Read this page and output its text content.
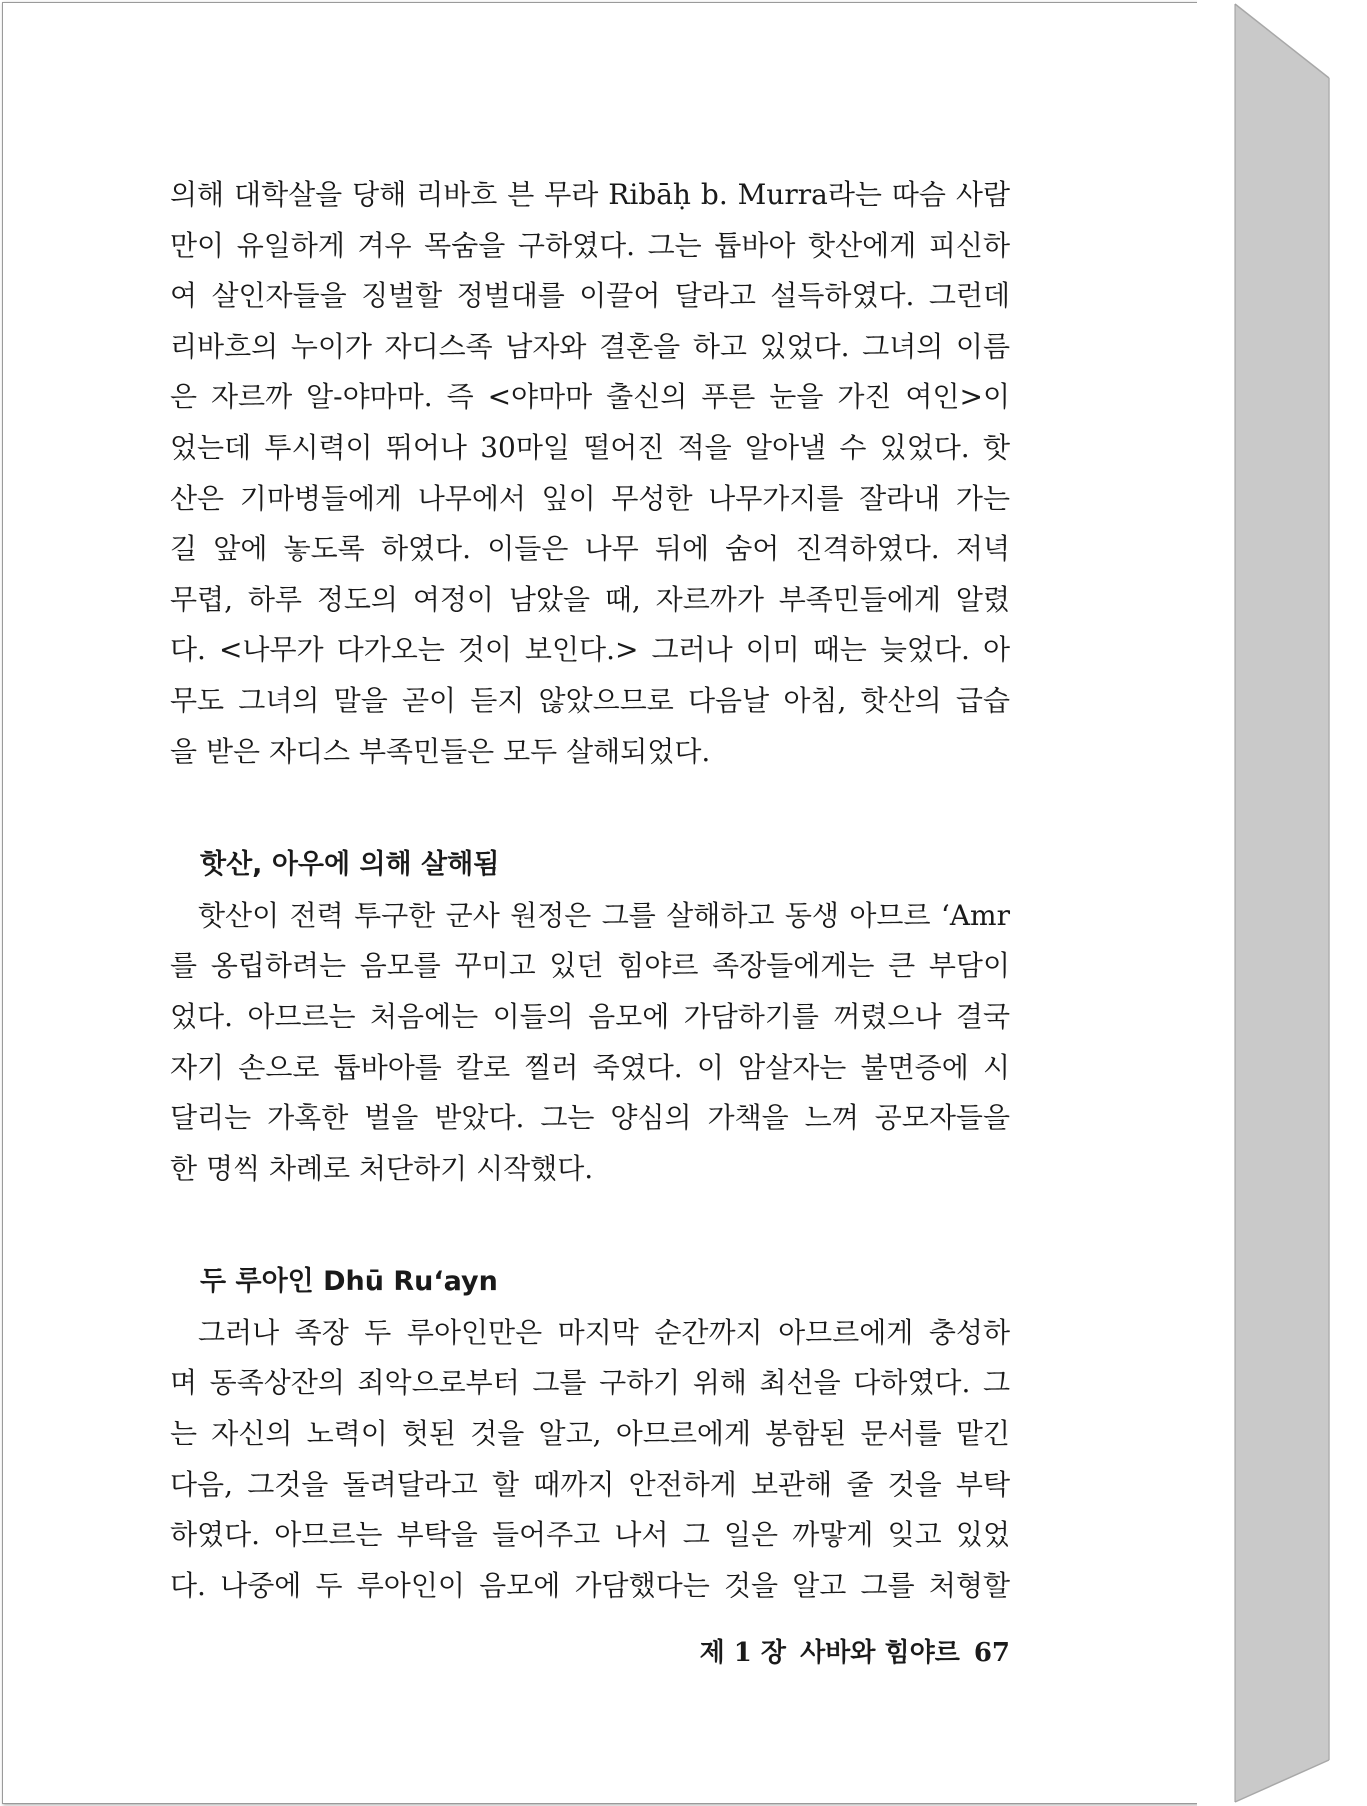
의해 대학살을 당해 리바흐 븐 무라 Ribāḥ b. Murra라는 따슴 사람
만이 유일하게 겨우 목숨을 구하였다. 그는 튭바아 핫산에게 피신하
여 살인자들을 징벌할 정벌대를 이끌어 달라고 설득하였다. 그런데
리바흐의 누이가 자디스족 남자와 결혼을 하고 있었다. 그녀의 이름
은 자르까 알-야마마. 즉 <야마마 출신의 푸른 눈을 가진 여인>이
었는데 투시력이 뛰어나 30마일 떨어진 적을 알아낼 수 있었다. 핫
산은 기마병들에게 나무에서 잎이 무성한 나무가지를 잘라내 가는
길 앞에 놓도록 하였다. 이들은 나무 뒤에 숨어 진격하였다. 저녁
무렵, 하루 정도의 여정이 남았을 때, 자르까가 부족민들에게 알렸
다. <나무가 다가오는 것이 보인다.> 그러나 이미 때는 늦었다. 아
무도 그녀의 말을 곧이 듣지 않았으므로 다음날 아침, 핫산의 급습
을 받은 자디스 부족민들은 모두 살해되었다.
핫산, 아우에 의해 살해됨
핫산이 전력 투구한 군사 원정은 그를 살해하고 동생 아므르 ‘Amr
를 옹립하려는 음모를 꾸미고 있던 힘야르 족장들에게는 큰 부담이
었다. 아므르는 처음에는 이들의 음모에 가담하기를 꺼렸으나 결국
자기 손으로 튭바아를 칼로 찔러 죽였다. 이 암살자는 불면증에 시
달리는 가혹한 벌을 받았다. 그는 양심의 가책을 느껴 공모자들을
한 명씩 차례로 처단하기 시작했다.
두 루아인 Dhū Ru‘ayn
그러나 족장 두 루아인만은 마지막 순간까지 아므르에게 충성하
며 동족상잔의 죄악으로부터 그를 구하기 위해 최선을 다하였다. 그
는 자신의 노력이 헛된 것을 알고, 아므르에게 봉함된 문서를 맡긴
다음, 그것을 돌려달라고 할 때까지 안전하게 보관해 줄 것을 부탁
하였다. 아므르는 부탁을 들어주고 나서 그 일은 까맣게 잊고 있었
다. 나중에 두 루아인이 음모에 가담했다는 것을 알고 그를 처형할
제 1 장 사바와 힘야르 67
